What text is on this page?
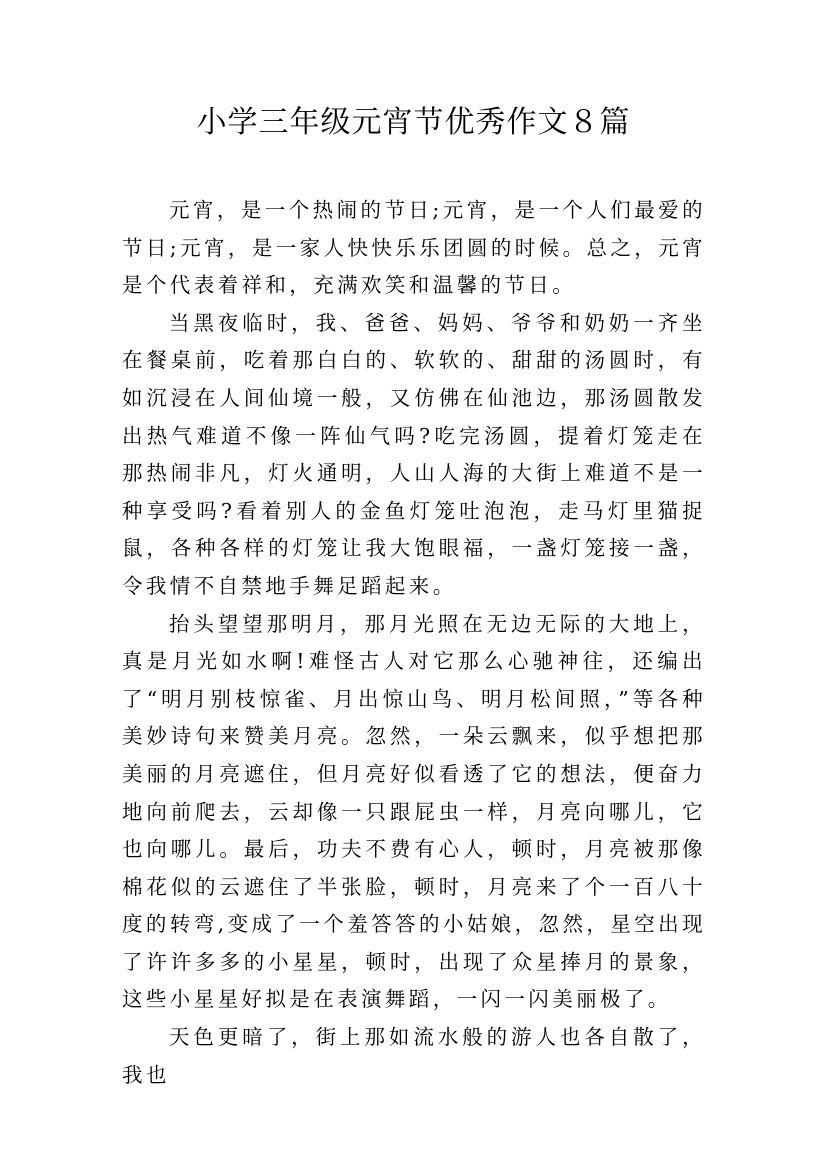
小学三年级元宵节优秀作文８篇

元宵，是一个热闹的节日;元宵，是一个人们最爱的节日;元宵，是一家人快快乐乐团圆的时候。总之，元宵是个代表着祥和，充满欢笑和温馨的节日。

当黑夜临时，我、爸爸、妈妈、爷爷和奶奶一齐坐在餐桌前，吃着那白白的、软软的、甜甜的汤圆时，有如沉浸在人间仙境一般，又仿佛在仙池边，那汤圆散发出热气难道不像一阵仙气吗?吃完汤圆，提着灯笼走在那热闹非凡，灯火通明，人山人海的大街上难道不是一种享受吗?看着别人的金鱼灯笼吐泡泡，走马灯里猫捉鼠，各种各样的灯笼让我大饱眼福，一盏灯笼接一盏，令我情不自禁地手舞足蹈起来。

抬头望望那明月，那月光照在无边无际的大地上，真是月光如水啊!难怪古人对它那么心驰神往，还编出了“明月别枝惊雀、月出惊山鸟、明月松间照，”等各种美妙诗句来赞美月亮。忽然，一朵云飘来，似乎想把那美丽的月亮遮住，但月亮好似看透了它的想法，便奋力地向前爬去，云却像一只跟屁虫一样，月亮向哪儿，它也向哪儿。最后，功夫不费有心人，顿时，月亮被那像棉花似的云遮住了半张脸，顿时，月亮来了个一百八十度的转弯,变成了一个羞答答的小姑娘，忽然，星空出现了许许多多的小星星，顿时，出现了众星捧月的景象，这些小星星好拟是在表演舞蹈，一闪一闪美丽极了。

天色更暗了，街上那如流水般的游人也各自散了，我也
